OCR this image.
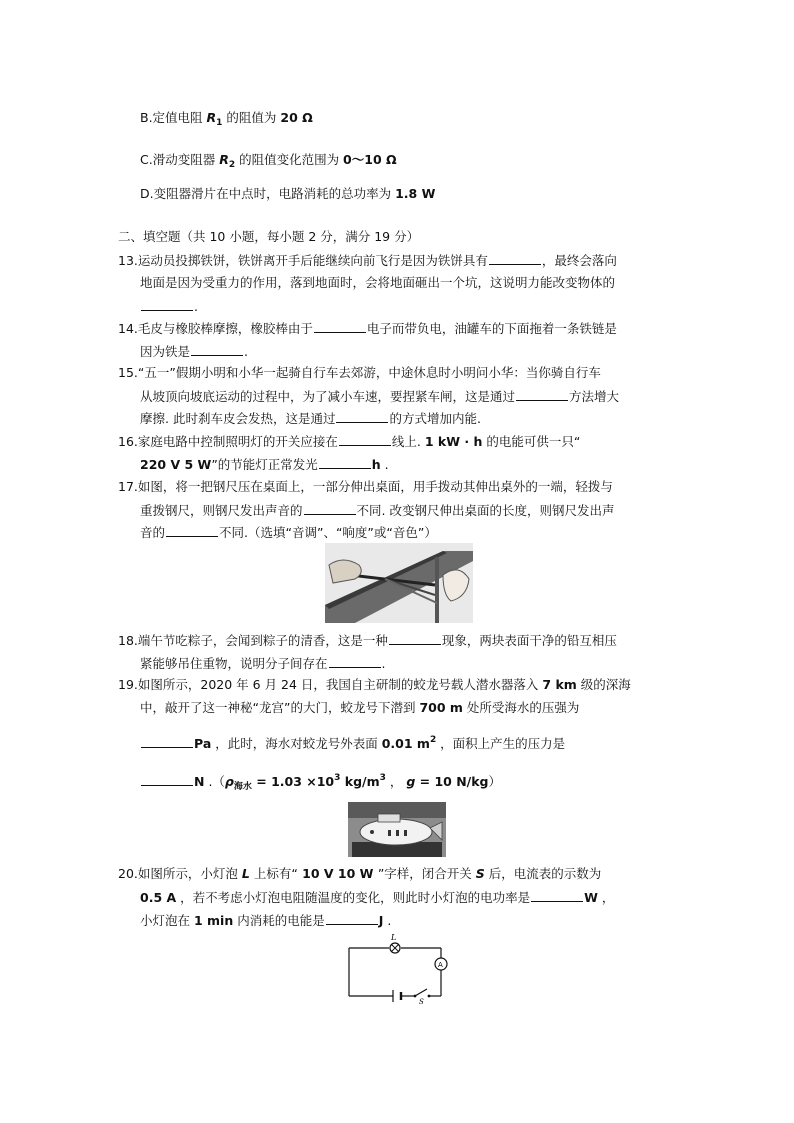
B.定值电阻 $R_1$ 的阻值为 20 Ω
C.滑动变阻器 $R_2$ 的阻值变化范围为 0～10 Ω
D.变阻器滑片在中点时，电路消耗的总功率为 1.8 W
二、填空题（共 10 小题，每小题 2 分，满分 19 分）
13.运动员投掷铁饼，铁饼离开手后能继续向前飞行是因为铁饼具有	，最终会落向
地面是因为受重力的作用，落到地面时，会将地面砸出一个坑，这说明力能改变物体的
.
14.毛皮与橡胶棒摩擦，橡胶棒由于	电子而带负电，油罐车的下面拖着一条铁链是
因为铁是	.
15.“五一”假期小明和小华一起骑自行车去郊游，中途休息时小明问小华：当你骑自行车
从坡顶向坡底运动的过程中，为了减小车速，要捏紧车闸，这是通过	方法增大
摩擦. 此时刹车皮会发热，这是通过	的方式增加内能.
16.家庭电路中控制照明灯的开关应接在	线上. 1 kW · h 的电能可供一只“
220 V 5 W”的节能灯正常发光	h .
17.如图，将一把钢尺压在桌面上，一部分伸出桌面，用手拨动其伸出桌外的一端，轻拨与
重拨钢尺，则钢尺发出声音的	不同. 改变钢尺伸出桌面的长度，则钢尺发出声
音的	不同.（选填“音调”、“响度”或“音色”）
18.端午节吃粽子，会闻到粽子的清香，这是一种	现象，两块表面干净的铅互相压
紧能够吊住重物，说明分子间存在	.
19.如图所示，2020 年 6 月 24 日，我国自主研制的蛟龙号载人潜水器落入 7 km 级的深海
中，敲开了这一神秘“龙宫”的大门，蛟龙号下潜到 700 m 处所受海水的压强为
Pa ，此时，海水对蛟龙号外表面 0.01 $m^2$ ，面积上产生的压力是
N $.(\rho_{海水} = 1.03 \times 10^3$ $kg/m^3$ ， g = 10 N/kg）
20.如图所示，小灯泡 L 上标有“ 10 V 10 W ”字样，闭合开关 S 后，电流表的示数为
0.5 A ，若不考虑小灯泡电阻随温度的变化，则此时小灯泡的电功率是	W ，
小灯泡在 1 min 内消耗的电能是	J .
L
A
S
